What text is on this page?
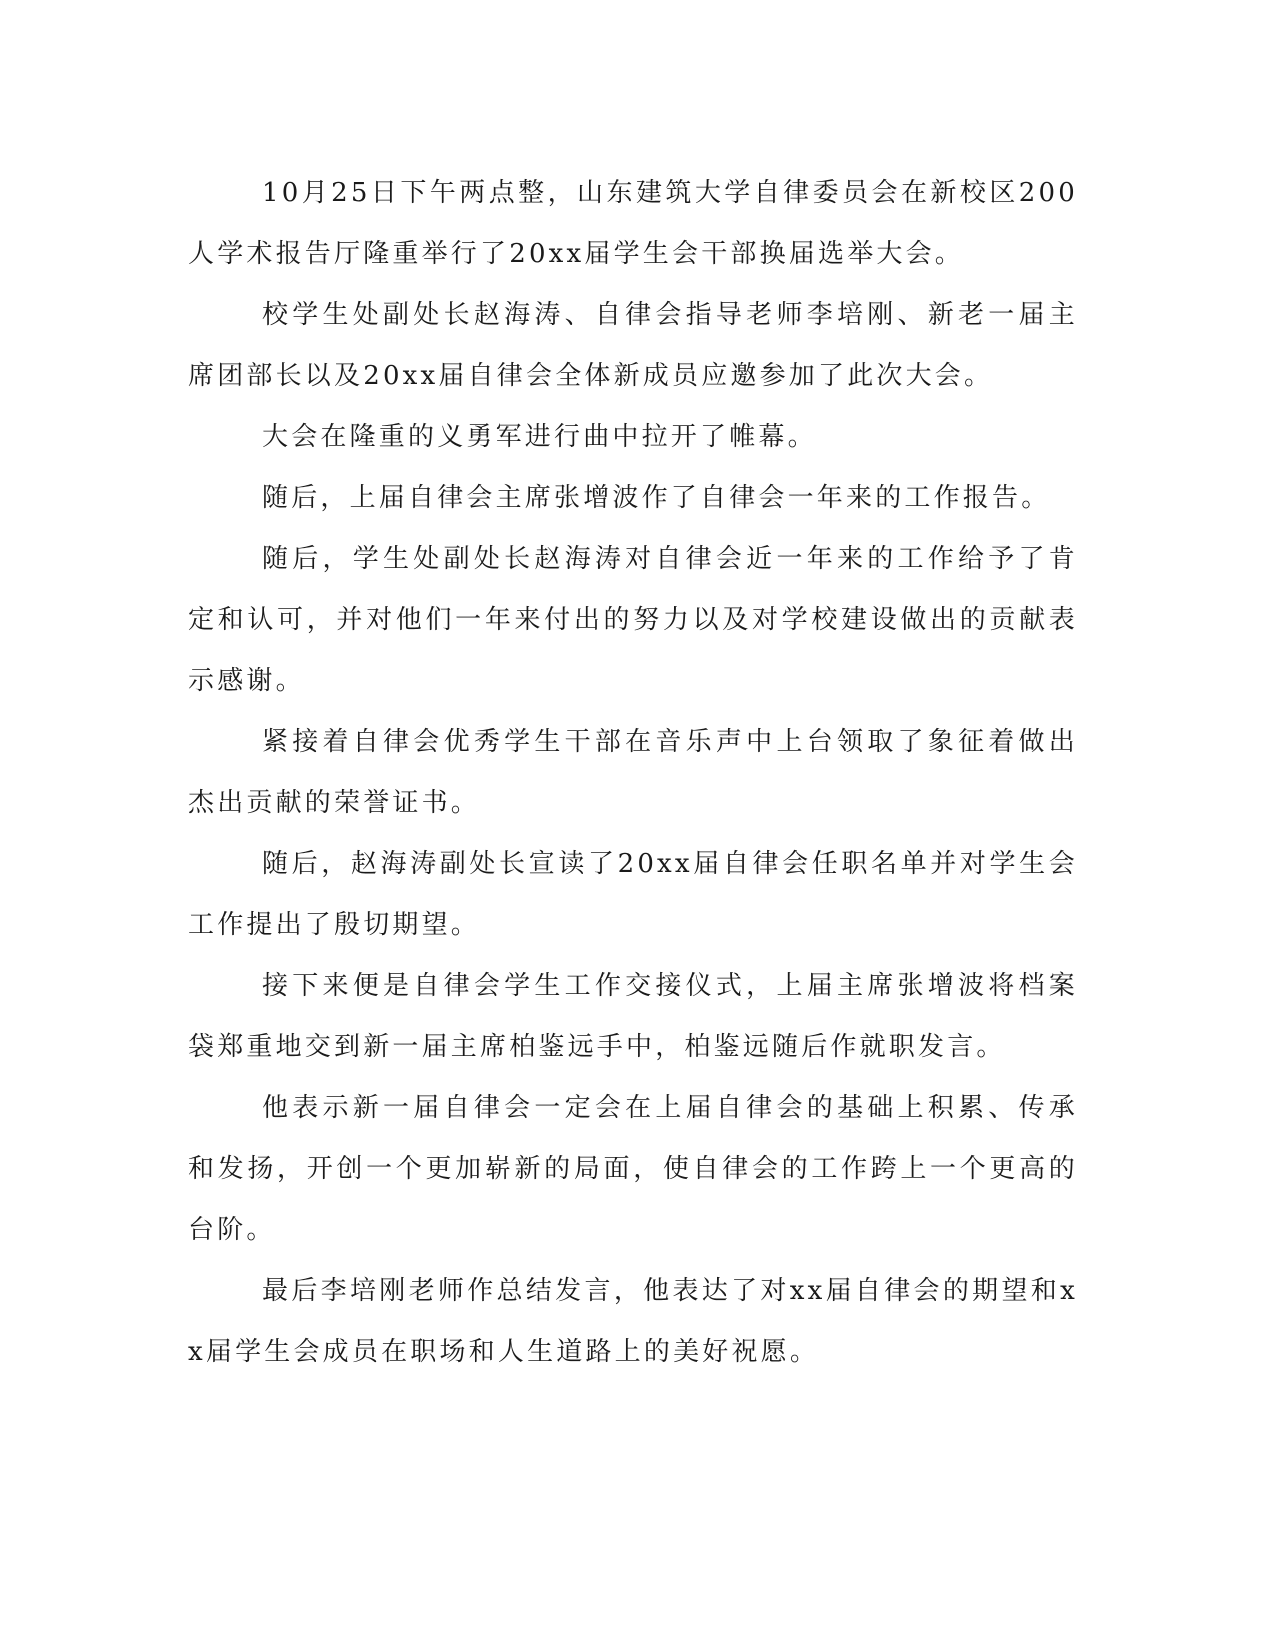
10月25日下午两点整，山东建筑大学自律委员会在新校区200人学术报告厅隆重举行了20xx届学生会干部换届选举大会。

校学生处副处长赵海涛、自律会指导老师李培刚、新老一届主席团部长以及20xx届自律会全体新成员应邀参加了此次大会。

大会在隆重的义勇军进行曲中拉开了帷幕。

随后，上届自律会主席张增波作了自律会一年来的工作报告。

随后，学生处副处长赵海涛对自律会近一年来的工作给予了肯定和认可，并对他们一年来付出的努力以及对学校建设做出的贡献表示感谢。

紧接着自律会优秀学生干部在音乐声中上台领取了象征着做出杰出贡献的荣誉证书。

随后，赵海涛副处长宣读了20xx届自律会任职名单并对学生会工作提出了殷切期望。

接下来便是自律会学生工作交接仪式，上届主席张增波将档案袋郑重地交到新一届主席柏鉴远手中，柏鉴远随后作就职发言。

他表示新一届自律会一定会在上届自律会的基础上积累、传承和发扬，开创一个更加崭新的局面，使自律会的工作跨上一个更高的台阶。

最后李培刚老师作总结发言，他表达了对xx届自律会的期望和xx届学生会成员在职场和人生道路上的美好祝愿。
